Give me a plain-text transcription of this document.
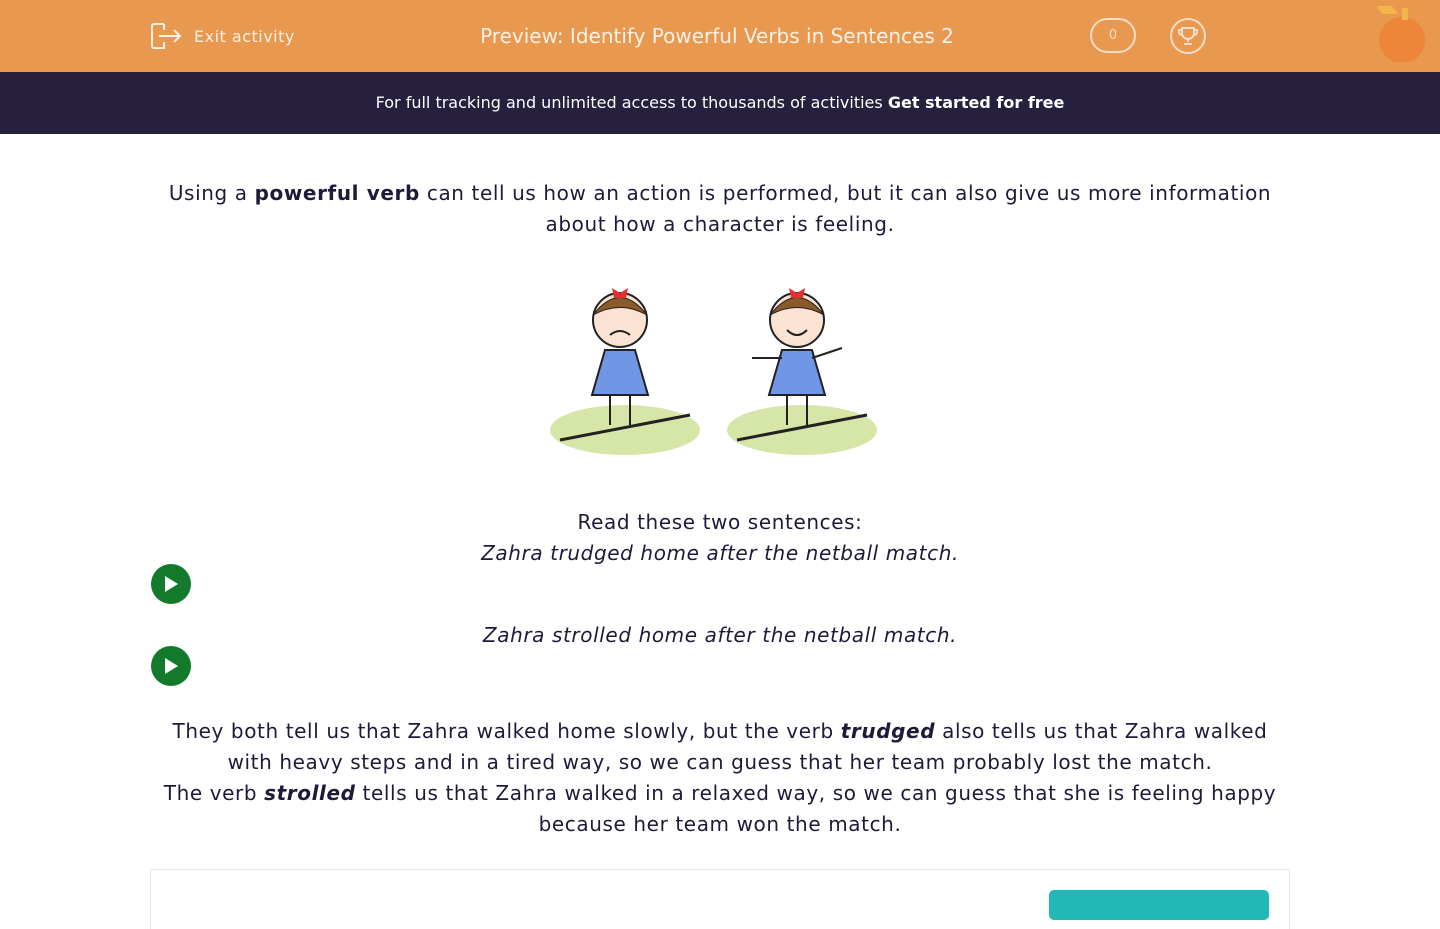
Exit activity	Preview: Identify Powerful Verbs in Sentences 2	0
For full tracking and unlimited access to thousands of activities Get started for free

Using a powerful verb can tell us how an action is performed, but it can also give us more information about how a character is feeling.

Read these two sentences:

Zahra trudged home after the netball match.

Zahra strolled home after the netball match.

They both tell us that Zahra walked home slowly, but the verb trudged also tells us that Zahra walked with heavy steps and in a tired way, so we can guess that her team probably lost the match.

The verb strolled tells us that Zahra walked in a relaxed way, so we can guess that she is feeling happy because her team won the match.
